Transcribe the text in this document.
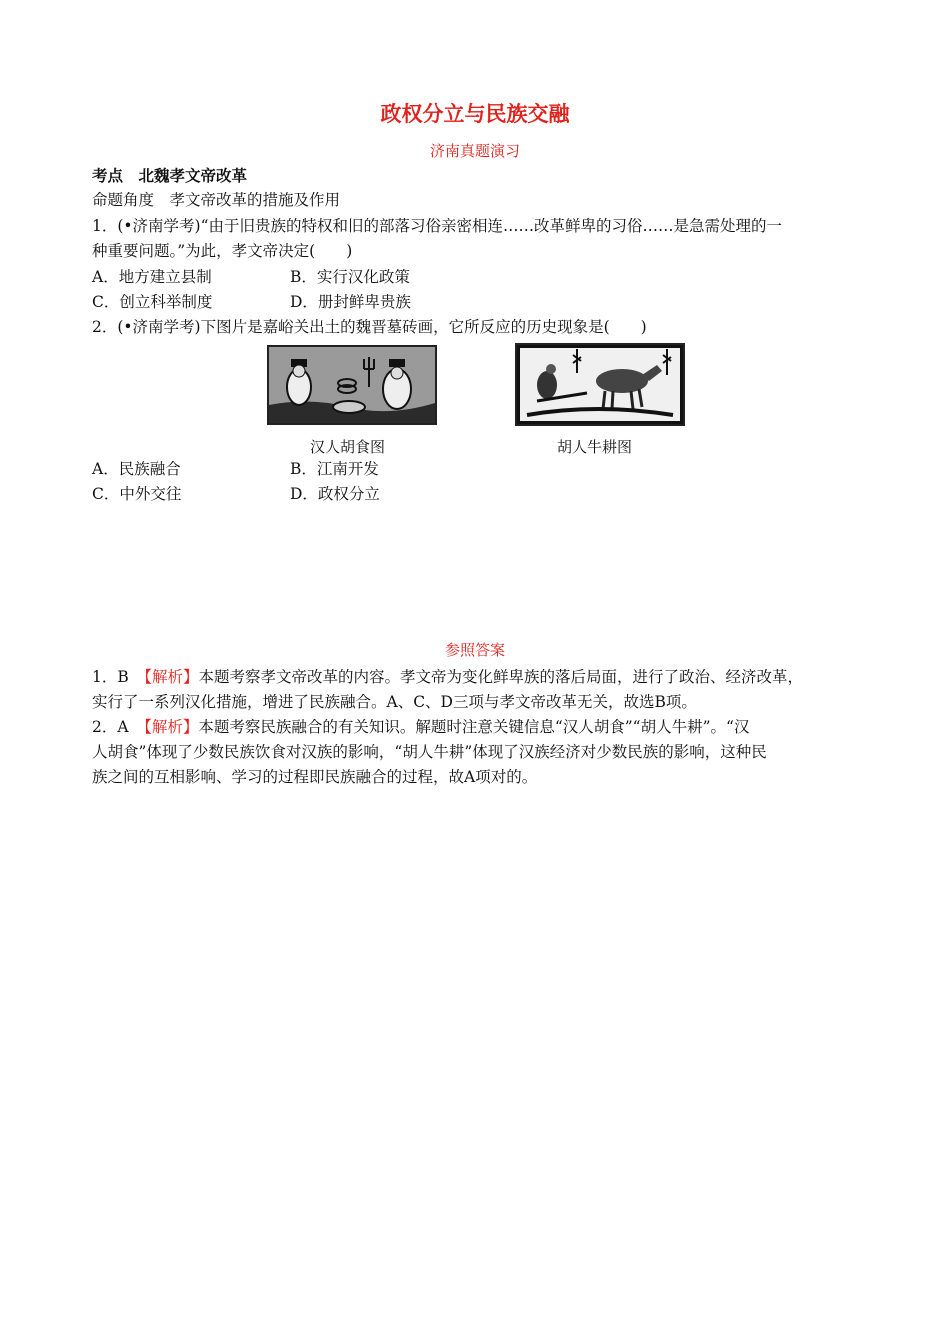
政权分立与民族交融
济南真题演习
考点　北魏孝文帝改革
命题角度　孝文帝改革的措施及作用
1．(•济南学考)“由于旧贵族的特权和旧的部落习俗亲密相连……改革鲜卑的习俗……是急需处理的一
种重要问题。”为此，孝文帝决定(　　)
A．地方建立县制	B．实行汉化政策
C．创立科举制度	D．册封鲜卑贵族
2．(•济南学考)下图片是嘉峪关出土的魏晋墓砖画，它所反应的历史现象是(　　)
汉人胡食图	胡人牛耕图
A．民族融合	B．江南开发
C．中外交往	D．政权分立
参照答案
1．B　【解析】本题考察孝文帝改革的内容。孝文帝为变化鲜卑族的落后局面，进行了政治、经济改革，
实行了一系列汉化措施，增进了民族融合。A、C、D三项与孝文帝改革无关，故选B项。
2．A　【解析】本题考察民族融合的有关知识。解题时注意关键信息“汉人胡食”“胡人牛耕”。“汉
人胡食”体现了少数民族饮食对汉族的影响，“胡人牛耕”体现了汉族经济对少数民族的影响，这种民
族之间的互相影响、学习的过程即民族融合的过程，故A项对的。
